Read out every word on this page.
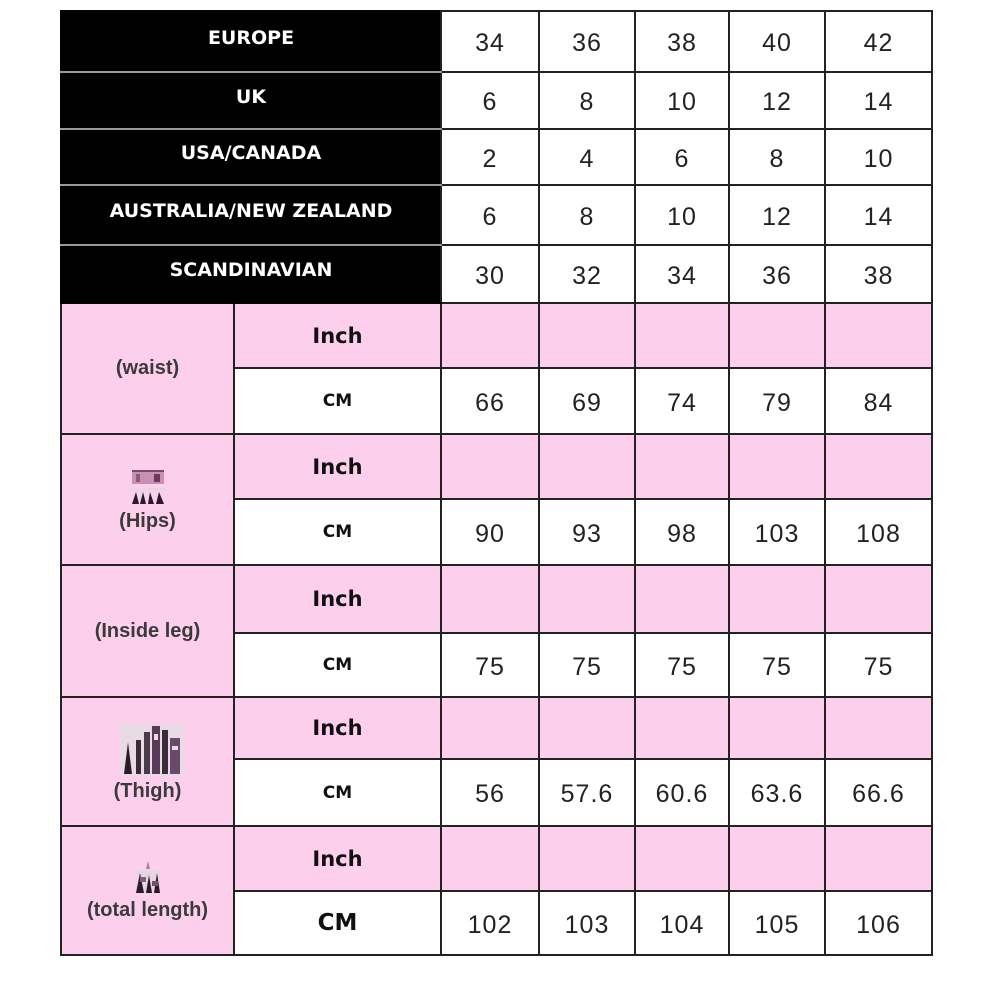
EUROPE		34	36	38	40	42
UK		6	8	10	12	14
USA/CANADA		2	4	6	8	10
AUSTRALIA/NEW ZEALAND		6	8	10	12	14
SCANDINAVIAN		30	32	34	36	38
(waist)	Inch					
	CM	66	69	74	79	84

(Hips)	Inch					
	CM	90	93	98	103	108
(Inside leg)	Inch					
	CM	75	75	75	75	75

(Thigh)	Inch					
	CM	56	57.6	60.6	63.6	66.6

(total length)	Inch					
	CM	102	103	104	105	106
